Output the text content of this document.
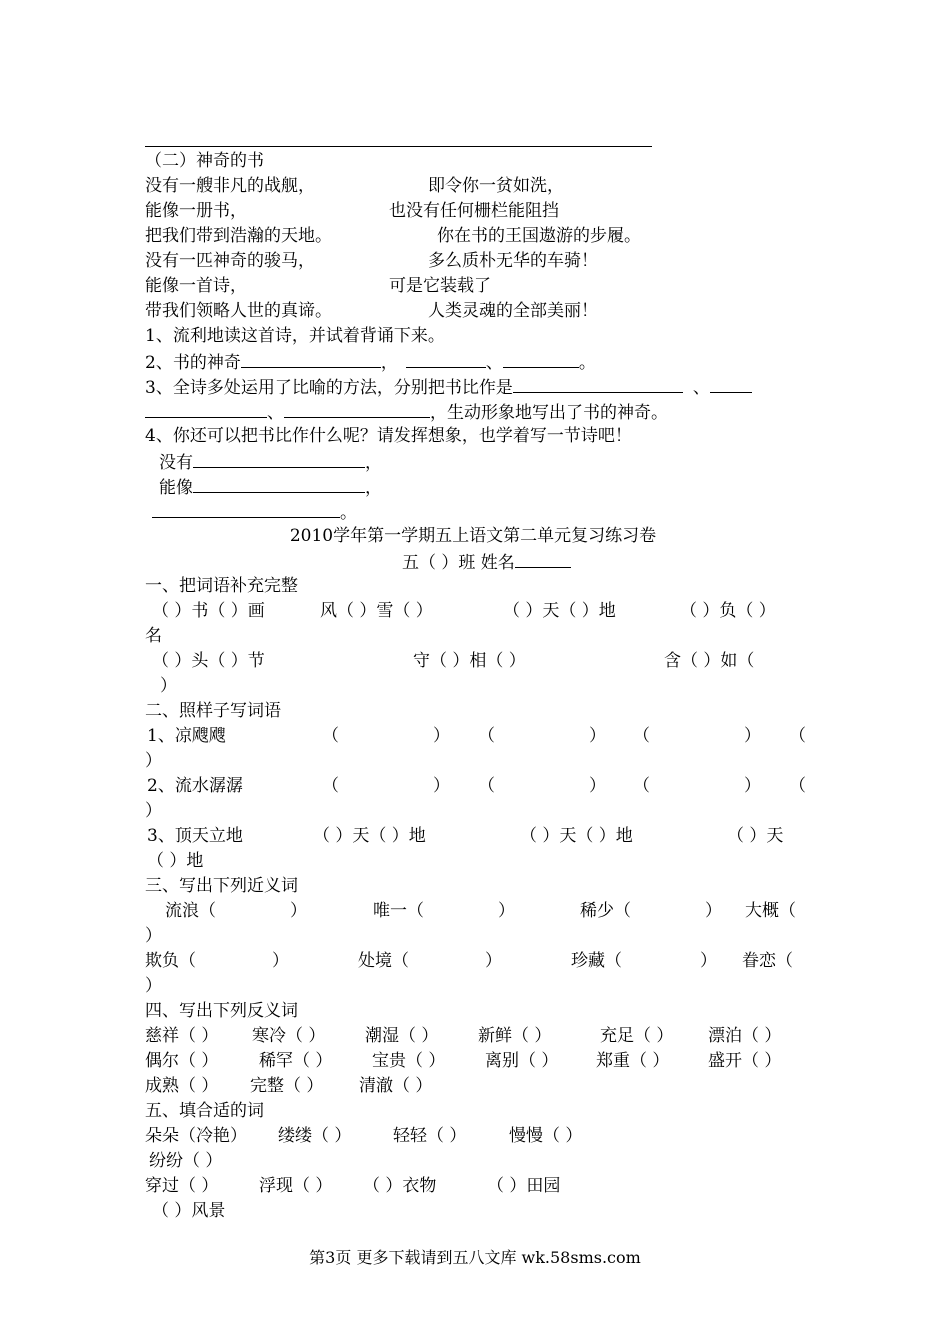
（二）神奇的书
没有一艘非凡的战舰，	即令你一贫如洗，
能像一册书，	也没有任何栅栏能阻挡
把我们带到浩瀚的天地。	你在书的王国遨游的步履。
没有一匹神奇的骏马，	多么质朴无华的车骑！
能像一首诗，	可是它装载了
带我们领略人世的真谛。	人类灵魂的全部美丽！
1、流利地读这首诗，并试着背诵下来。
2、书的神奇	，	、	。
3、全诗多处运用了比喻的方法，分别把书比作是	、
、	，生动形象地写出了书的神奇。
4、你还可以把书比作什么呢？请发挥想象，也学着写一节诗吧！
没有	，
能像	，
。
2010学年第一学期五上语文第二单元复习练习卷
五（ ）班 姓名
一、把词语补充完整
（ ）书（ ）画	风（ ）雪（ ）	（ ）天（ ）地	（ ）负（ ）
名
（ ）头（ ）节	守（ ）相（ ）	含（ ）如（
）
二、照样子写词语
1、凉飕飕	（	） （	） （	） （
）
2、流水潺潺	（	） （	） （	） （
）
3、顶天立地	（ ）天（ ）地	（ ）天（ ）地	（ ）天
（ ）地
三、写出下列近义词
流浪（	）	唯一（	）	稀少（	） 大概（
）
欺负（	）	处境（	）	珍藏（	） 眷恋（
）
四、写出下列反义词
慈祥（ ） 寒冷（ ） 潮湿（ ） 新鲜（ ）	充足（ ） 漂泊（ ）
偶尔（ ） 稀罕（ ） 宝贵（ ） 离别（ ） 郑重（ ） 盛开（ ）
成熟（ ） 完整（ ） 清澈（ ）
五、填合适的词
朵朵（冷艳） 缕缕（ ） 轻轻（ ）	慢慢（ ）
纷纷（ ）
穿过（ ） 浮现（ ） （ ）衣物	（ ）田园
（ ）风景
第3页 更多下载请到五八文库 wk.58sms.com
